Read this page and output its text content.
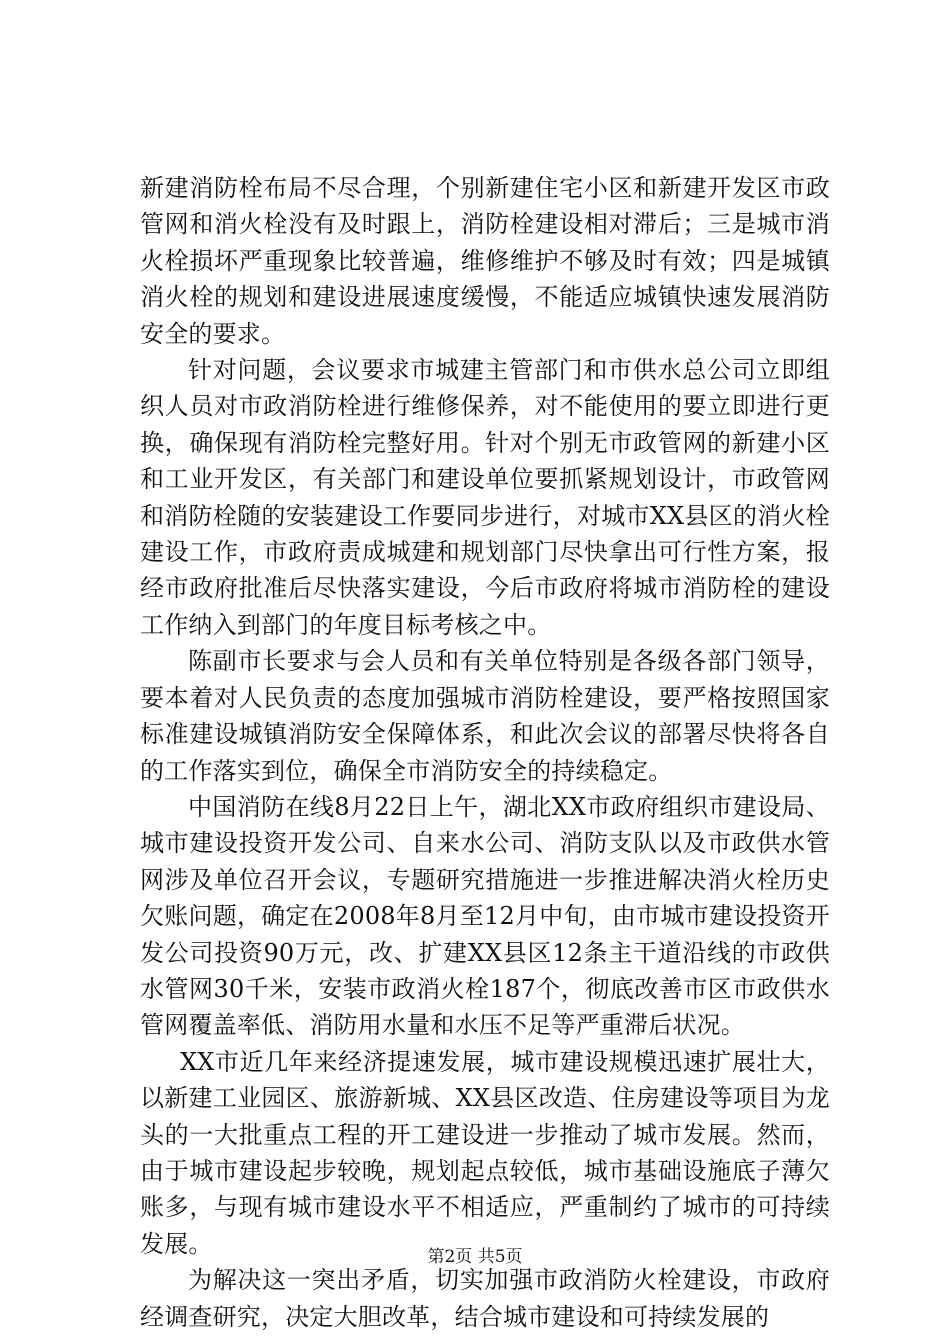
新建消防栓布局不尽合理，个别新建住宅小区和新建开发区市政管网和消火栓没有及时跟上，消防栓建设相对滞后；三是城市消火栓损坏严重现象比较普遍，维修维护不够及时有效；四是城镇消火栓的规划和建设进展速度缓慢，不能适应城镇快速发展消防安全的要求。

针对问题，会议要求市城建主管部门和市供水总公司立即组织人员对市政消防栓进行维修保养，对不能使用的要立即进行更换，确保现有消防栓完整好用。针对个别无市政管网的新建小区和工业开发区，有关部门和建设单位要抓紧规划设计，市政管网和消防栓随的安装建设工作要同步进行，对城市XX县区的消火栓建设工作，市政府责成城建和规划部门尽快拿出可行性方案，报经市政府批准后尽快落实建设，今后市政府将城市消防栓的建设工作纳入到部门的年度目标考核之中。

陈副市长要求与会人员和有关单位特别是各级各部门领导，要本着对人民负责的态度加强城市消防栓建设，要严格按照国家标准建设城镇消防安全保障体系，和此次会议的部署尽快将各自的工作落实到位，确保全市消防安全的持续稳定。

中国消防在线8月22日上午，湖北XX市政府组织市建设局、城市建设投资开发公司、自来水公司、消防支队以及市政供水管网涉及单位召开会议，专题研究措施进一步推进解决消火栓历史欠账问题，确定在2008年8月至12月中旬，由市城市建设投资开发公司投资90万元，改、扩建XX县区12条主干道沿线的市政供水管网30千米，安装市政消火栓187个，彻底改善市区市政供水管网覆盖率低、消防用水量和水压不足等严重滞后状况。

XX市近几年来经济提速发展，城市建设规模迅速扩展壮大，以新建工业园区、旅游新城、XX县区改造、住房建设等项目为龙头的一大批重点工程的开工建设进一步推动了城市发展。然而，由于城市建设起步较晚，规划起点较低，城市基础设施底子薄欠账多，与现有城市建设水平不相适应，严重制约了城市的可持续发展。

为解决这一突出矛盾，切实加强市政消防火栓建设，市政府经调查研究，决定大胆改革，结合城市建设和可持续发展的

第2页 共5页
